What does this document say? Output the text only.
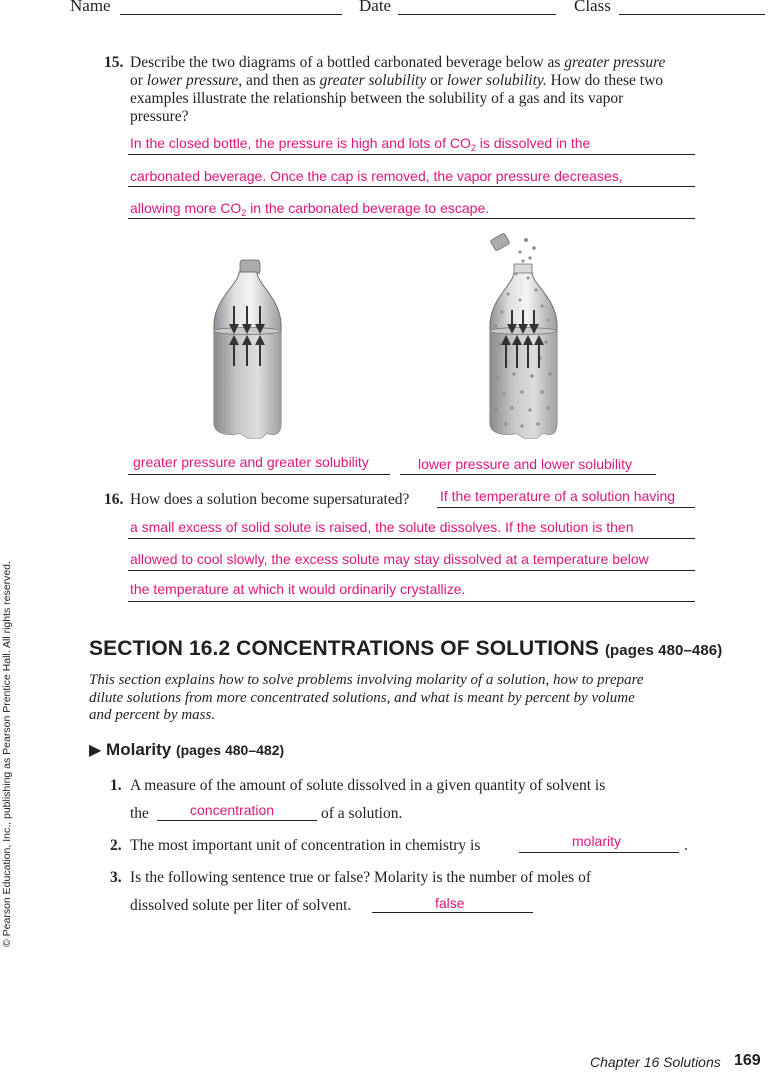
Name	Date	Class
15. Describe the two diagrams of a bottled carbonated beverage below as greater pressure or lower pressure, and then as greater solubility or lower solubility. How do these two examples illustrate the relationship between the solubility of a gas and its vapor pressure?
In the closed bottle, the pressure is high and lots of $CO_2$ is dissolved in the
carbonated beverage. Once the cap is removed, the vapor pressure decreases,
allowing more $CO_2$ in the carbonated beverage to escape.
greater pressure and greater solubility	lower pressure and lower solubility
16. How does a solution become supersaturated? If the temperature of a solution having
a small excess of solid solute is raised, the solute dissolves. If the solution is then
allowed to cool slowly, the excess solute may stay dissolved at a temperature below
the temperature at which it would ordinarily crystallize.
SECTION 16.2 CONCENTRATIONS OF SOLUTIONS (pages 480–486)
This section explains how to solve problems involving molarity of a solution, how to prepare dilute solutions from more concentrated solutions, and what is meant by percent by volume and percent by mass.
▶ Molarity (pages 480–482)
1. A measure of the amount of solute dissolved in a given quantity of solvent is
the	concentration	of a solution.
2. The most important unit of concentration in chemistry is	molarity	.
3. Is the following sentence true or false? Molarity is the number of moles of
dissolved solute per liter of solvent.	false
© Pearson Education, Inc., publishing as Pearson Prentice Hall. All rights reserved.
Chapter 16 Solutions 169
